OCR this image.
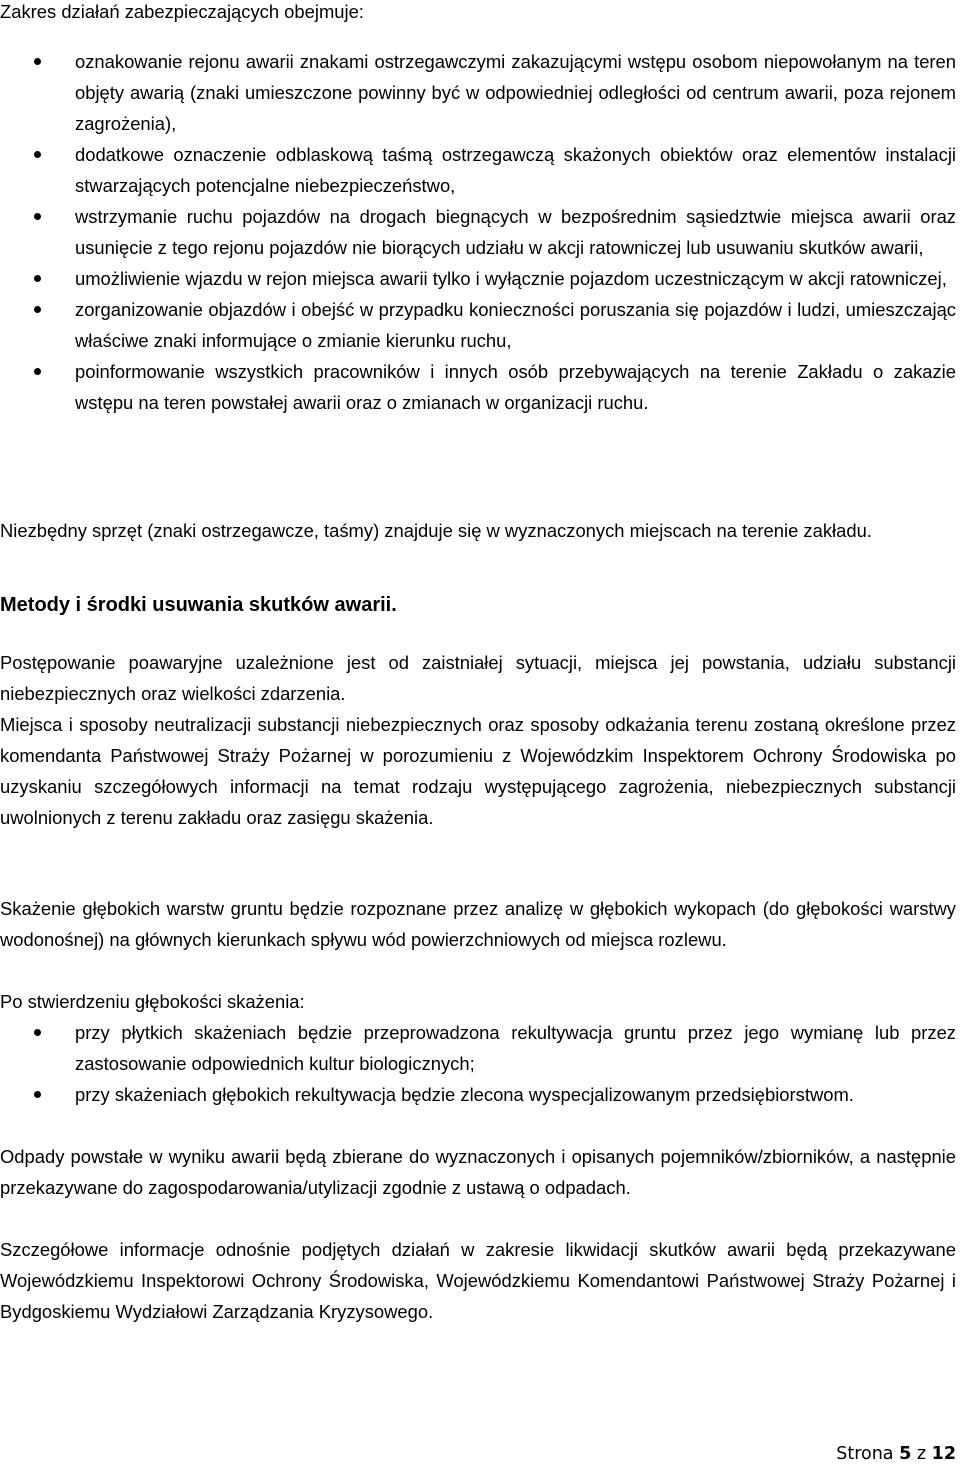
Zakres działań zabezpieczających obejmuje:

oznakowanie rejonu awarii znakami ostrzegawczymi zakazującymi wstępu osobom niepowołanym na teren objęty awarią (znaki umieszczone powinny być w odpowiedniej odległości od centrum awarii, poza rejonem zagrożenia),
dodatkowe oznaczenie odblaskową taśmą ostrzegawczą skażonych obiektów oraz elementów instalacji stwarzających potencjalne niebezpieczeństwo,
wstrzymanie ruchu pojazdów na drogach biegnących w bezpośrednim sąsiedztwie miejsca awarii oraz usunięcie z tego rejonu pojazdów nie biorących udziału w akcji ratowniczej lub usuwaniu skutków awarii,
umożliwienie wjazdu w rejon miejsca awarii tylko i wyłącznie pojazdom uczestniczącym w akcji ratowniczej,
zorganizowanie objazdów i obejść w przypadku konieczności poruszania się pojazdów i ludzi, umieszczając właściwe znaki informujące o zmianie kierunku ruchu,
poinformowanie wszystkich pracowników i innych osób przebywających na terenie Zakładu o zakazie wstępu na teren powstałej awarii oraz o zmianach w organizacji ruchu.

Niezbędny sprzęt (znaki ostrzegawcze, taśmy) znajduje się w wyznaczonych miejscach na terenie zakładu.

Metody i środki usuwania skutków awarii.

Postępowanie poawaryjne uzależnione jest od zaistniałej sytuacji, miejsca jej powstania, udziału substancji niebezpiecznych oraz wielkości zdarzenia.

Miejsca i sposoby neutralizacji substancji niebezpiecznych oraz sposoby odkażania terenu zostaną określone przez komendanta Państwowej Straży Pożarnej w porozumieniu z Wojewódzkim Inspektorem Ochrony Środowiska po uzyskaniu szczegółowych informacji na temat rodzaju występującego zagrożenia, niebezpiecznych substancji uwolnionych z terenu zakładu oraz zasięgu skażenia.

Skażenie głębokich warstw gruntu będzie rozpoznane przez analizę w głębokich wykopach (do głębokości warstwy wodonośnej) na głównych kierunkach spływu wód powierzchniowych od miejsca rozlewu.

Po stwierdzeniu głębokości skażenia:

przy płytkich skażeniach będzie przeprowadzona rekultywacja gruntu przez jego wymianę lub przez zastosowanie odpowiednich kultur biologicznych;
przy skażeniach głębokich rekultywacja będzie zlecona wyspecjalizowanym przedsiębiorstwom.

Odpady powstałe w wyniku awarii będą zbierane do wyznaczonych i opisanych pojemników/zbiorników, a następnie przekazywane do zagospodarowania/utylizacji zgodnie z ustawą o odpadach.

Szczegółowe informacje odnośnie podjętych działań w zakresie likwidacji skutków awarii będą przekazywane Wojewódzkiemu Inspektorowi Ochrony Środowiska, Wojewódzkiemu Komendantowi Państwowej Straży Pożarnej i Bydgoskiemu Wydziałowi Zarządzania Kryzysowego.

Strona 5 z 12
